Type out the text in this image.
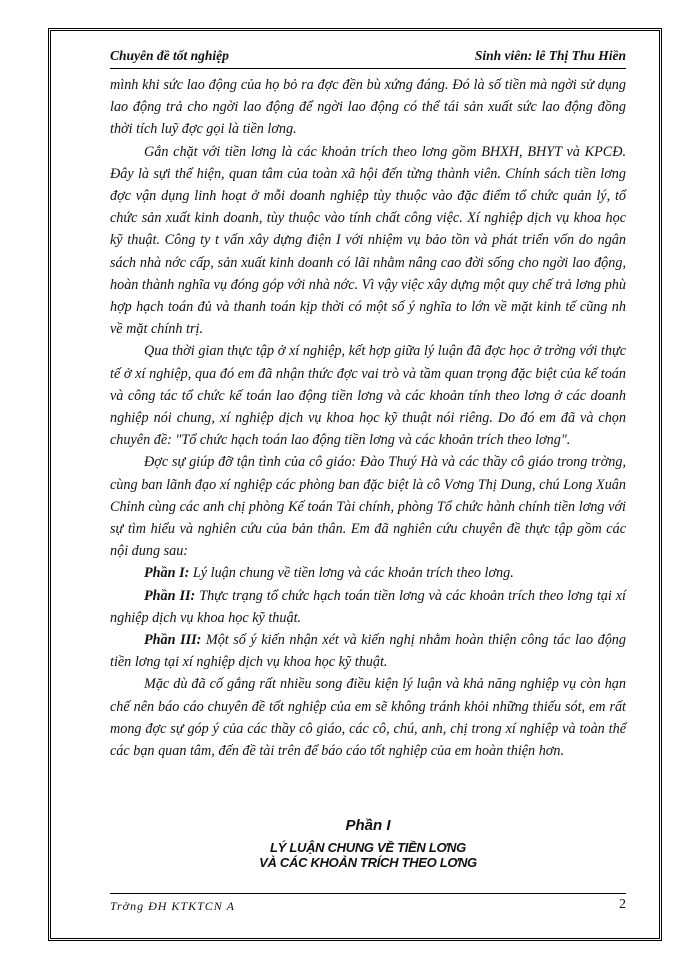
Chuyên đề tốt nghiệp	Sinh viên: lê Thị Thu Hiền

mình khi sức lao động của họ bỏ ra đợc đền bù xứng đáng. Đó là số tiền mà ngời sử dụng lao động trả cho ngời lao động để ngời lao động có thể tái sản xuất sức lao động đồng thời tích luỹ đợc gọi là tiền lơng.

Gắn chặt với tiền lơng là các khoản trích theo lơng gồm BHXH, BHYT và KPCĐ. Đây là sựi thể hiện, quan tâm của toàn xã hội đến từng thành viên. Chính sách tiền lơng đợc vận dụng linh hoạt ở mỗi doanh nghiệp tùy thuộc vào đặc điểm tổ chức quản lý, tổ chức sản xuất kinh doanh, tùy thuộc vào tính chất công việc. Xí nghiệp dịch vụ khoa học kỹ thuật. Công ty t vấn xây dựng điện I với nhiệm vụ bảo tồn và phát triển vốn do ngân sách nhà nớc cấp, sản xuất kinh doanh có lãi nhằm nâng cao đời sống cho ngời lao động, hoàn thành nghĩa vụ đóng góp với nhà nớc. Vì vậy việc xây dựng một quy chế trả lơng phù hợp hạch toán đủ và thanh toán kịp thời có một số ý nghĩa to lớn về mặt kinh tế cũng nh về mặt chính trị.

Qua thời gian thực tập ở xí nghiệp, kết hợp giữa lý luận đã đợc học ở trờng với thực tế ở xí nghiệp, qua đó em đã nhận thức đợc vai trò và tầm quan trọng đặc biệt của kế toán và công tác tổ chức kế toán lao động tiền lơng và các khoản tính theo lơng ở các doanh nghiệp nói chung, xí nghiệp dịch vụ khoa học kỹ thuật nói riêng. Do đó em đã và chọn chuyên đề: "Tổ chức hạch toán lao động tiền lơng và các khoản trích theo lơng".

Đợc sự giúp đỡ tận tình của cô giáo: Đào Thuý Hà và các thầy cô giáo trong trờng, cùng ban lãnh đạo xí nghiệp các phòng ban đặc biệt là cô Vơng Thị Dung, chú Long Xuân Chỉnh cùng các anh chị phòng Kế toán Tài chính, phòng Tổ chức hành chính tiền lơng với sự tìm hiểu và nghiên cứu của bản thân. Em đã nghiên cứu chuyên đề thực tập gồm các nội dung sau:

Phần I: Lý luận chung về tiền lơng và các khoản trích theo lơng.

Phần II: Thực trạng tổ chức hạch toán tiền lơng và các khoản trích theo lơng tại xí nghiệp dịch vụ khoa học kỹ thuật.

Phần III: Một số ý kiến nhận xét và kiến nghị nhằm hoàn thiện công tác lao động tiền lơng tại xí nghiệp dịch vụ khoa học kỹ thuật.

Mặc dù đã cố gắng rất nhiều song điều kiện lý luận và khả năng nghiệp vụ còn hạn chế nên báo cáo chuyên đề tốt nghiệp của em sẽ không tránh khỏi những thiếu sót, em rất mong đợc sự góp ý của các thầy cô giáo, các cô, chú, anh, chị trong xí nghiệp và toàn thể các bạn quan tâm, đến đề tài trên để báo cáo tốt nghiệp của em hoàn thiện hơn.

Phần I
LÝ LUẬN CHUNG VỀ TIỀN LƠNG
VÀ CÁC KHOẢN TRÍCH THEO LƠNG
Trờng ĐH KTKTCN A	2
